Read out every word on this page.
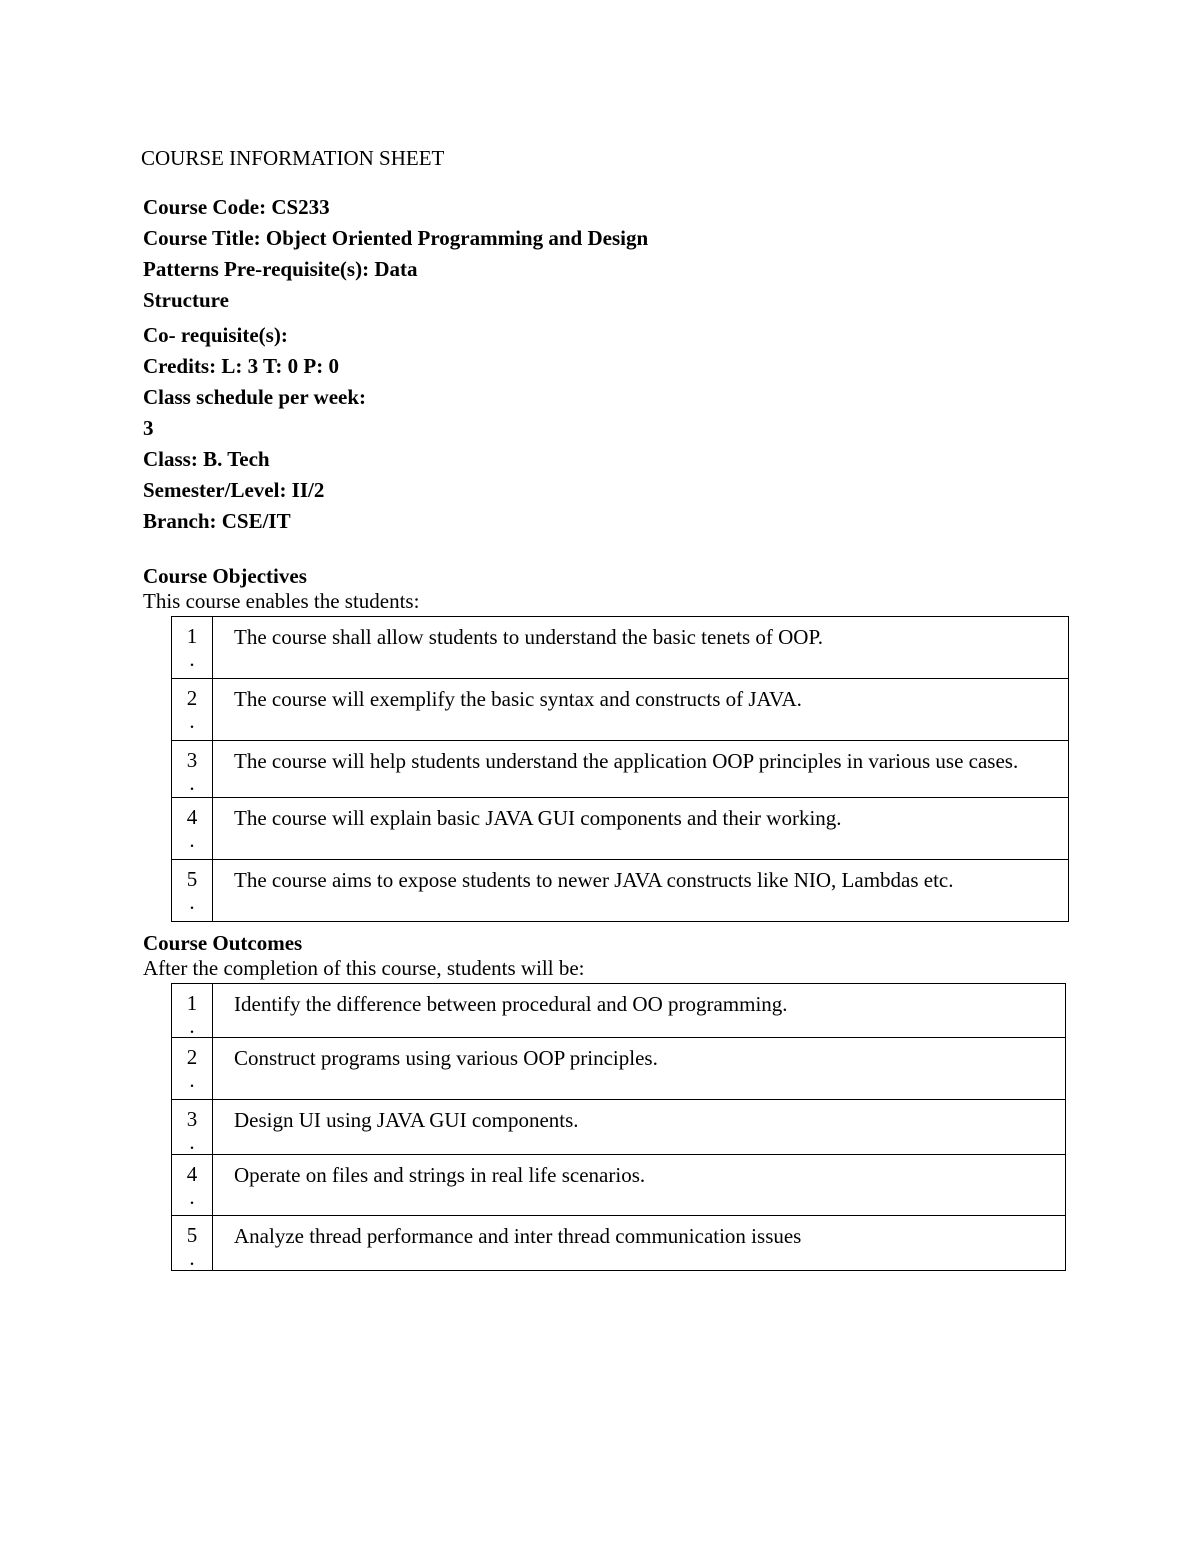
COURSE INFORMATION SHEET
Course Code: CS233
Course Title: Object Oriented Programming and Design
Patterns Pre-requisite(s): Data
Structure
Co- requisite(s):
Credits: L: 3 T: 0 P: 0
Class schedule per week:
3
Class: B. Tech
Semester/Level: II/2
Branch: CSE/IT
Course Objectives
This course enables the students:
1
.	The course shall allow students to understand the basic tenets of OOP.
2
.	The course will exemplify the basic syntax and constructs of JAVA.
3
.	The course will help students understand the application OOP principles in various use cases.
4
.	The course will explain basic JAVA GUI components and their working.
5
.	The course aims to expose students to newer JAVA constructs like NIO, Lambdas etc.
Course Outcomes
After the completion of this course, students will be:
1
.	Identify the difference between procedural and OO programming.
2
.	Construct programs using various OOP principles.
3
.	Design UI using JAVA GUI components.
4
.	Operate on files and strings in real life scenarios.
5
.	Analyze thread performance and inter thread communication issues
